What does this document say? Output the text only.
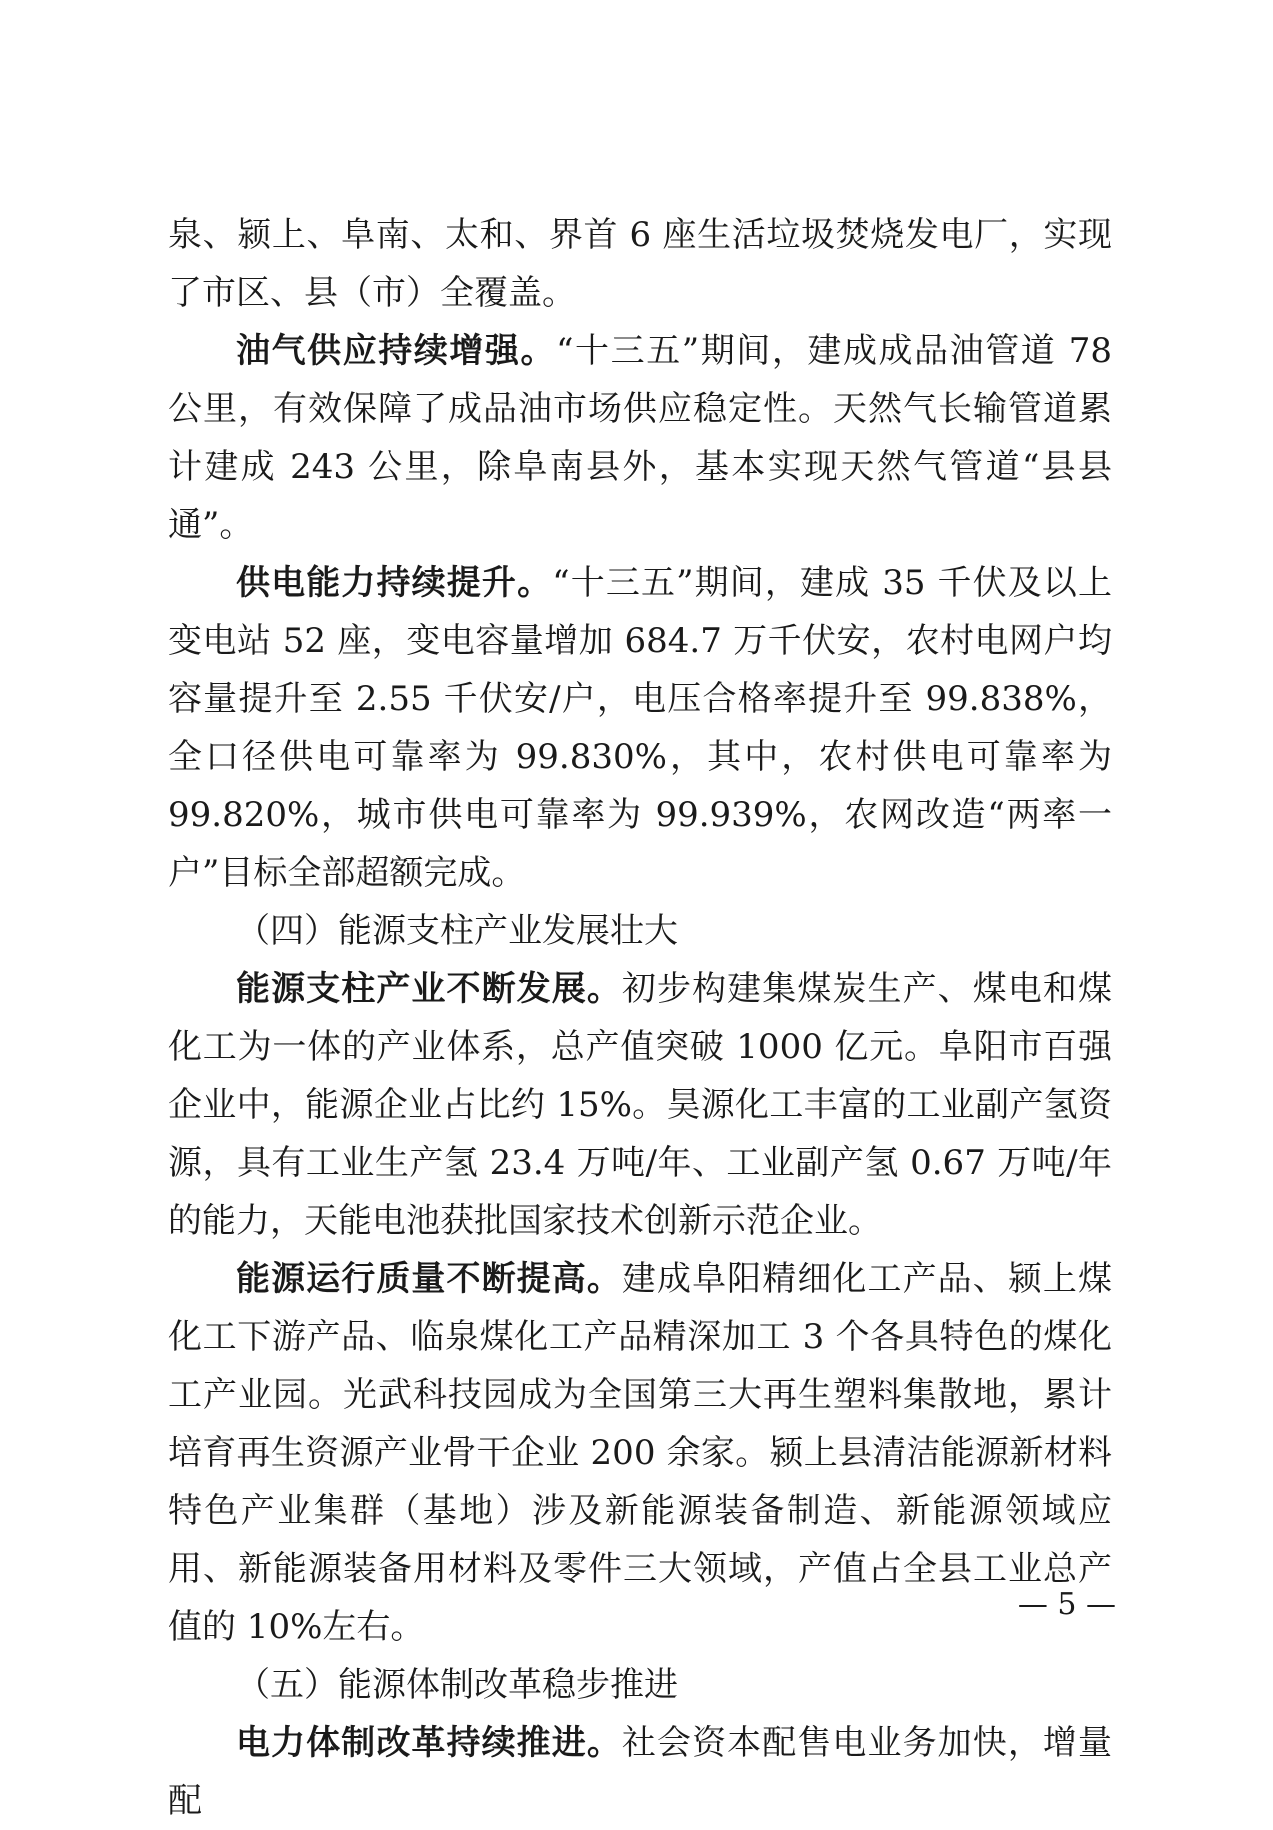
泉、颍上、阜南、太和、界首 6 座生活垃圾焚烧发电厂，实现了市区、县（市）全覆盖。

油气供应持续增强。“十三五”期间，建成成品油管道 78 公里，有效保障了成品油市场供应稳定性。天然气长输管道累计建成 243 公里，除阜南县外，基本实现天然气管道“县县通”。

供电能力持续提升。“十三五”期间，建成 35 千伏及以上变电站 52 座，变电容量增加 684.7 万千伏安，农村电网户均容量提升至 2.55 千伏安/户，电压合格率提升至 99.838%，全口径供电可靠率为 99.830%，其中，农村供电可靠率为 99.820%，城市供电可靠率为 99.939%，农网改造“两率一户”目标全部超额完成。

（四）能源支柱产业发展壮大

能源支柱产业不断发展。初步构建集煤炭生产、煤电和煤化工为一体的产业体系，总产值突破 1000 亿元。阜阳市百强企业中，能源企业占比约 15%。昊源化工丰富的工业副产氢资源，具有工业生产氢 23.4 万吨/年、工业副产氢 0.67 万吨/年的能力，天能电池获批国家技术创新示范企业。

能源运行质量不断提高。建成阜阳精细化工产品、颍上煤化工下游产品、临泉煤化工产品精深加工 3 个各具特色的煤化工产业园。光武科技园成为全国第三大再生塑料集散地，累计培育再生资源产业骨干企业 200 余家。颍上县清洁能源新材料特色产业集群（基地）涉及新能源装备制造、新能源领域应用、新能源装备用材料及零件三大领域，产值占全县工业总产值的 10%左右。

（五）能源体制改革稳步推进

电力体制改革持续推进。社会资本配售电业务加快，增量配

— 5 —
